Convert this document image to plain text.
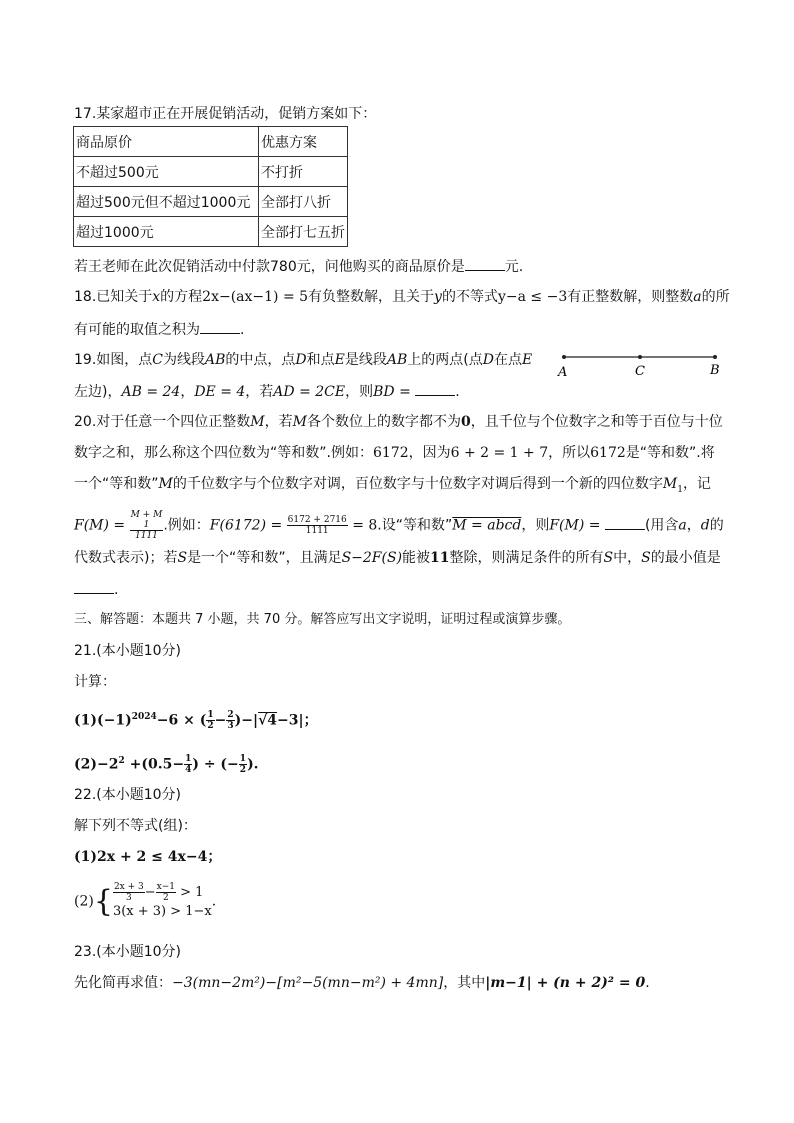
17.某家超市正在开展促销活动，促销方案如下：
商品原价	优惠方案
不超过500元	不打折
超过500元但不超过1000元	全部打八折
超过1000元	全部打七五折
若王老师在此次促销活动中付款780元，问他购买的商品原价是	元.
18.已知关于x的方程2x−(ax−1) = 5有负整数解，且关于y的不等式y−a ≤ −3有正整数解，则整数a的所
有可能的取值之积为	.
19.如图，点C为线段AB的中点，点D和点E是线段AB上的两点(点D在点E
左边)，AB = 24，DE = 4，若AD = 2CE，则BD =	.
A	C	B
20.对于任意一个四位正整数M，若M各个数位上的数字都不为0，且千位与个位数字之和等于百位与十位
数字之和，那么称这个四位数为“等和数”.例如：6172，因为6 + 2 = 1 + 7，所以6172是“等和数”.将
一个“等和数”M的千位数字与个位数字对调，百位数字与十位数字对调后得到一个新的四位数字$M_1$，记
F(M) = M + M
1
1111 .例如：$F(6172) = \frac{6172 + 2716}{1111} = 8$.设“等和数”M = abcd，则F(M) =	(用含a，d的
代数式表示)；若S是一个“等和数”，且满足S−2F(S)能被11整除，则满足条件的所有S中，S的最小值是
.
三、解答题：本题共 7 小题，共 70 分。解答应写出文字说明，证明过程或演算步骤。
21.(本小题10分)
计算：
$(1)(-1)^{2024}-6$ × ( $\frac{1}{2} - \frac{2}{3} )-|√4-3|$；
$(2)-2^2 +(0.5- \frac{1}{4}$ ) ÷ (− $\frac{1}{2}$ ).
22.(本小题10分)
解下列不等式(组)：
(1)2x + 2 ≤ 4x−4；
$(2)\{ \frac{2x + 3}{3} - \frac{x-1}{2} > 1$
3(x + 3) > 1−x
.
23.(本小题10分)
先化简再求值：−3(mn−2m²)−[m²−5(mn−m²) + 4mn]，其中|m−1| + (n + 2)² = 0.
